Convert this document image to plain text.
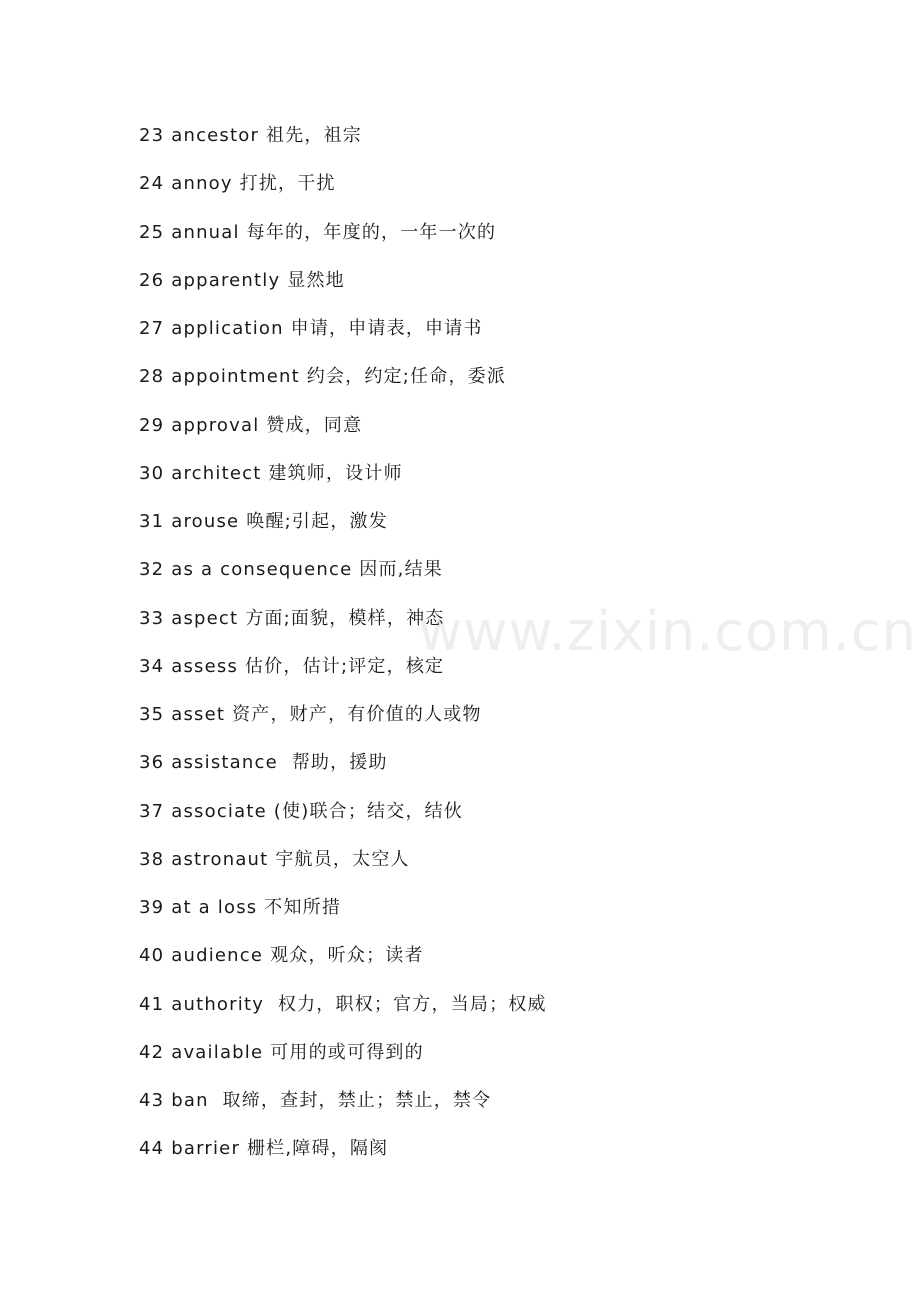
23 ancestor 祖先，祖宗
24 annoy 打扰，干扰
25 annual 每年的，年度的，一年一次的
26 apparently 显然地
27 application 申请，申请表，申请书
28 appointment 约会，约定;任命，委派
29 approval 赞成，同意
30 architect 建筑师，设计师
31 arouse 唤醒;引起，激发
32 as a consequence 因而,结果
33 aspect 方面;面貌，模样，神态
34 assess 估价，估计;评定，核定
35 asset 资产，财产，有价值的人或物
36 assistance  帮助，援助
37 associate (使)联合；结交，结伙
38 astronaut 宇航员，太空人
39 at a loss 不知所措
40 audience 观众，听众；读者
41 authority  权力，职权；官方，当局；权威
42 available 可用的或可得到的
43 ban  取缔，查封，禁止；禁止，禁令
44 barrier 栅栏,障碍，隔阂
www.zixin.com.cn
